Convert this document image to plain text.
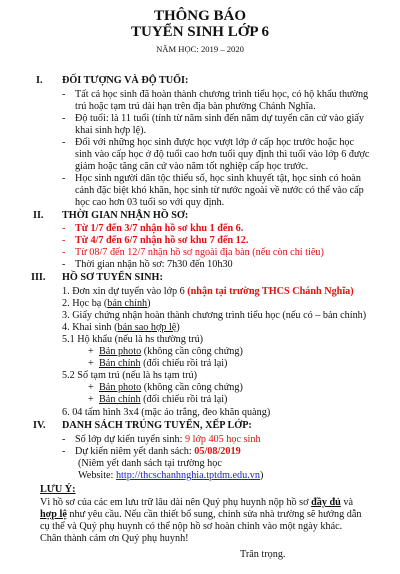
THÔNG BÁO
TUYỂN SINH LỚP 6
NĂM HỌC: 2019 – 2020
I. ĐỐI TƯỢNG VÀ ĐỘ TUỔI:
- Tất cả học sinh đã hoàn thành chương trình tiểu học, có hộ khẩu thường
trú hoặc tạm trú dài hạn trên địa bàn phường Chánh Nghĩa.
- Độ tuổi: là 11 tuổi (tính từ năm sinh đến năm dự tuyển căn cứ vào giấy
khai sinh hợp lệ).
- Đối với những học sinh được học vượt lớp ở cấp học trước hoặc học
sinh vào cấp học ở độ tuổi cao hơn tuổi quy định thì tuổi vào lớp 6 được
giảm hoặc tăng căn cứ vào năm tốt nghiệp cấp học trước.
- Học sinh người dân tộc thiểu số, học sinh khuyết tật, học sinh có hoàn
cảnh đặc biệt khó khăn, học sinh từ nước ngoài về nước có thể vào cấp
học cao hơn 03 tuổi so với quy định.
II. THỜI GIAN NHẬN HỒ SƠ:
- Từ 1/7 đến 3/7 nhận hồ sơ khu 1 đến 6.
- Từ 4/7 đến 6/7 nhận hồ sơ khu 7 đến 12.
- Từ 08/7 đến 12/7 nhận hồ sơ ngoài địa bàn (nếu còn chỉ tiêu)
- Thời gian nhận hồ sơ: 7h30 đến 10h30
III. HỒ SƠ TUYỂN SINH:
1. Đơn xin dự tuyển vào lớp 6 (nhận tại trường THCS Chánh Nghĩa)
2. Học bạ (bản chính)
3. Giấy chứng nhận hoàn thành chương trình tiểu học (nếu có – bản chính)
4. Khai sinh (bản sao hợp lệ)
5.1 Hộ khẩu (nếu là hs thường trú)
+ Bản photo (không cần công chứng)
+ Bản chính (đối chiếu rồi trả lại)
5.2 Sổ tạm trú (nếu là hs tạm trú)
+ Bản photo (không cần công chứng)
+ Bản chính (đối chiếu rồi trả lại)
6. 04 tấm hình 3x4 (mặc áo trắng, đeo khăn quàng)
IV. DANH SÁCH TRÚNG TUYỂN, XẾP LỚP:
- Số lớp dự kiến tuyển sinh: 9 lớp 405 học sinh
- Dự kiến niêm yết danh sách: 05/08/2019
(Niêm yết danh sách tại trường học
Website: http://thcschanhnghia.tptdm.edu.vn)
LƯU Ý:
Vì hồ sơ của các em lưu trữ lâu dài nên Quý phụ huynh nộp hồ sơ đầy đủ và
hợp lệ như yêu cầu. Nếu cần thiết bổ sung, chỉnh sửa nhà trường sẽ hướng dẫn
cụ thể và Quý phụ huynh có thể nộp hồ sơ hoàn chỉnh vào một ngày khác.
Chân thành cảm ơn Quý phụ huynh!
Trân trọng.
